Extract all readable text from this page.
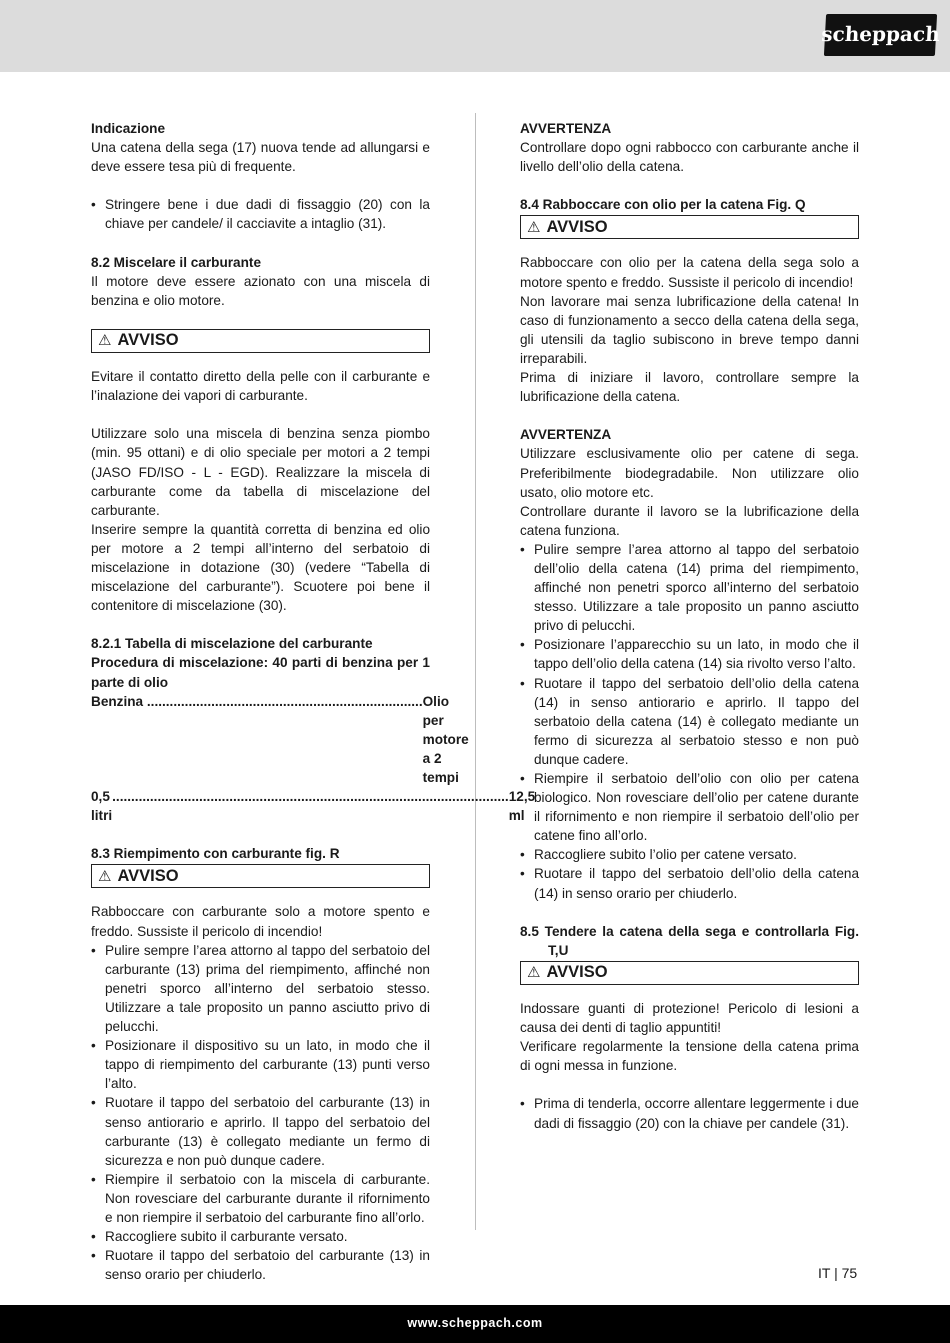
scheppach

Indicazione

Una catena della sega (17) nuova tende ad allungarsi e deve essere tesa più di frequente.

• Stringere bene i due dadi di fissaggio (20) con la chiave per candele/ il cacciavite a intaglio (31).

8.2 Miscelare il carburante

Il motore deve essere azionato con una miscela di benzina e olio motore.

⚠ AVVISO

Evitare il contatto diretto della pelle con il carburante e l’inalazione dei vapori di carburante.

Utilizzare solo una miscela di benzina senza piombo (min. 95 ottani) e di olio speciale per motori a 2 tempi (JASO FD/ISO - L - EGD). Realizzare la miscela di carburante come da tabella di miscelazione del carburante.

Inserire sempre la quantità corretta di benzina ed olio per motore a 2 tempi all’interno del serbatoio di miscelazione in dotazione (30) (vedere “Tabella di miscelazione del carburante”). Scuotere poi bene il contenitore di miscelazione (30).

8.2.1 Tabella di miscelazione del carburante

Procedura di miscelazione: 40 parti di benzina per 1 parte di olio

Benzina ......................................................................... Olio per motore a 2 tempi
0,5 litri
......................................................................................................... 12,5 ml

8.3 Riempimento con carburante fig. R

⚠ AVVISO

Rabboccare con carburante solo a motore spento e freddo. Sussiste il pericolo di incendio!

• Pulire sempre l’area attorno al tappo del serbatoio del carburante (13) prima del riempimento, affinché non penetri sporco all’interno del serbatoio stesso. Utilizzare a tale proposito un panno asciutto privo di pelucchi.
• Posizionare il dispositivo su un lato, in modo che il tappo di riempimento del carburante (13) punti verso l’alto.
• Ruotare il tappo del serbatoio del carburante (13) in senso antiorario e aprirlo. Il tappo del serbatoio del carburante (13) è collegato mediante un fermo di sicurezza e non può dunque cadere.
• Riempire il serbatoio con la miscela di carburante. Non rovesciare del carburante durante il rifornimento e non riempire il serbatoio del carburante fino all’orlo.
• Raccogliere subito il carburante versato.
• Ruotare il tappo del serbatoio del carburante (13) in senso orario per chiuderlo.

AVVERTENZA

Controllare dopo ogni rabbocco con carburante anche il livello dell’olio della catena.

8.4 Rabboccare con olio per la catena Fig. Q

⚠ AVVISO

Rabboccare con olio per la catena della sega solo a motore spento e freddo. Sussiste il pericolo di incendio!

Non lavorare mai senza lubrificazione della catena! In caso di funzionamento a secco della catena della sega, gli utensili da taglio subiscono in breve tempo danni irreparabili.

Prima di iniziare il lavoro, controllare sempre la lubrificazione della catena.

AVVERTENZA

Utilizzare esclusivamente olio per catene di sega. Preferibilmente biodegradabile. Non utilizzare olio usato, olio motore etc.

Controllare durante il lavoro se la lubrificazione della catena funziona.

• Pulire sempre l’area attorno al tappo del serbatoio dell’olio della catena (14) prima del riempimento, affinché non penetri sporco all’interno del serbatoio stesso. Utilizzare a tale proposito un panno asciutto privo di pelucchi.
• Posizionare l’apparecchio su un lato, in modo che il tappo dell’olio della catena (14) sia rivolto verso l’alto.
• Ruotare il tappo del serbatoio dell’olio della catena (14) in senso antiorario e aprirlo. Il tappo del serbatoio della catena (14) è collegato mediante un fermo di sicurezza al serbatoio stesso e non può dunque cadere.
• Riempire il serbatoio dell’olio con olio per catena biologico. Non rovesciare dell’olio per catene durante il rifornimento e non riempire il serbatoio dell’olio per catene fino all’orlo.
• Raccogliere subito l’olio per catene versato.
• Ruotare il tappo del serbatoio dell’olio della catena (14) in senso orario per chiuderlo.

8.5 Tendere la catena della sega e controllarla Fig. T,U

⚠ AVVISO

Indossare guanti di protezione! Pericolo di lesioni a causa dei denti di taglio appuntiti!

Verificare regolarmente la tensione della catena prima di ogni messa in funzione.

• Prima di tenderla, occorre allentare leggermente i due dadi di fissaggio (20) con la chiave per candele (31).
IT | 75
www.scheppach.com
